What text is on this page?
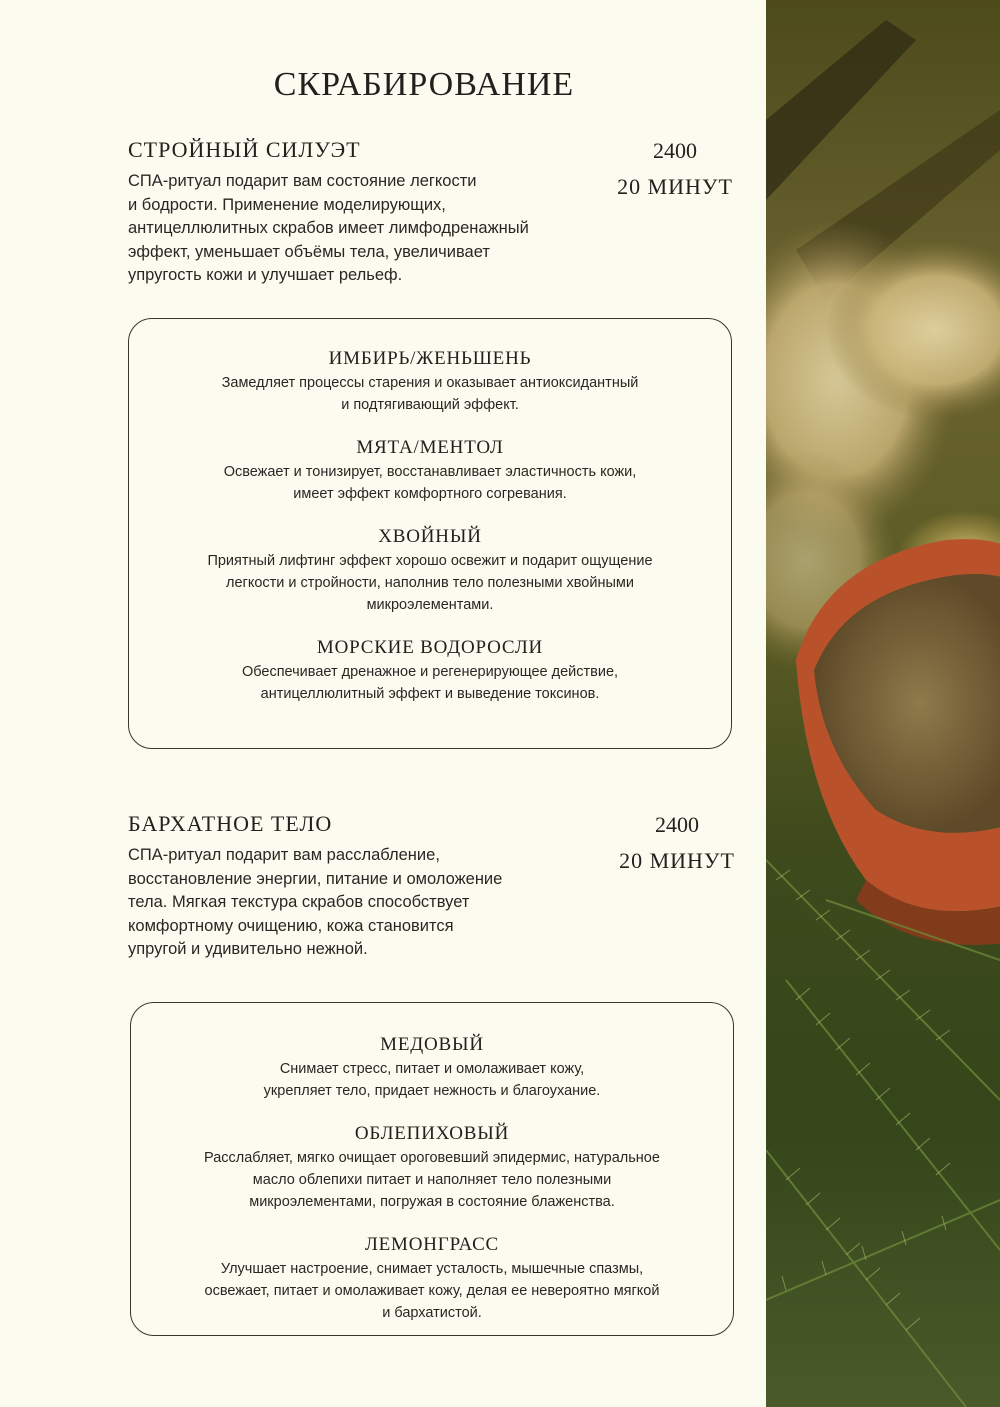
СКРАБИРОВАНИЕ
СТРОЙНЫЙ СИЛУЭТ	2400
20 МИНУТ
СПА-ритуал подарит вам состояние легкости
и бодрости. Применение моделирующих,
антицеллюлитных скрабов имеет лимфодренажный
эффект, уменьшает объёмы тела, увеличивает
упругость кожи и улучшает рельеф.
ИМБИРЬ/ЖЕНЬШЕНЬ
Замедляет процессы старения и оказывает антиоксидантный
и подтягивающий эффект.
МЯТА/МЕНТОЛ
Освежает и тонизирует, восстанавливает эластичность кожи,
имеет эффект комфортного согревания.
ХВОЙНЫЙ
Приятный лифтинг эффект хорошо освежит и подарит ощущение
легкости и стройности, наполнив тело полезными хвойными
микроэлементами.
МОРСКИЕ ВОДОРОСЛИ
Обеспечивает дренажное и регенерирующее действие,
антицеллюлитный эффект и выведение токсинов.
БАРХАТНОЕ ТЕЛО	2400
20 МИНУТ
СПА-ритуал подарит вам расслабление,
восстановление энергии, питание и омоложение
тела. Мягкая текстура скрабов способствует
комфортному очищению, кожа становится
упругой и удивительно нежной.
МЕДОВЫЙ
Снимает стресс, питает и омолаживает кожу,
укрепляет тело, придает нежность и благоухание.
ОБЛЕПИХОВЫЙ
Расслабляет, мягко очищает ороговевший эпидермис, натуральное
масло облепихи питает и наполняет тело полезными
микроэлементами, погружая в состояние блаженства.
ЛЕМОНГРАСС
Улучшает настроение, снимает усталость, мышечные спазмы,
освежает, питает и омолаживает кожу, делая ее невероятно мягкой
и бархатистой.
